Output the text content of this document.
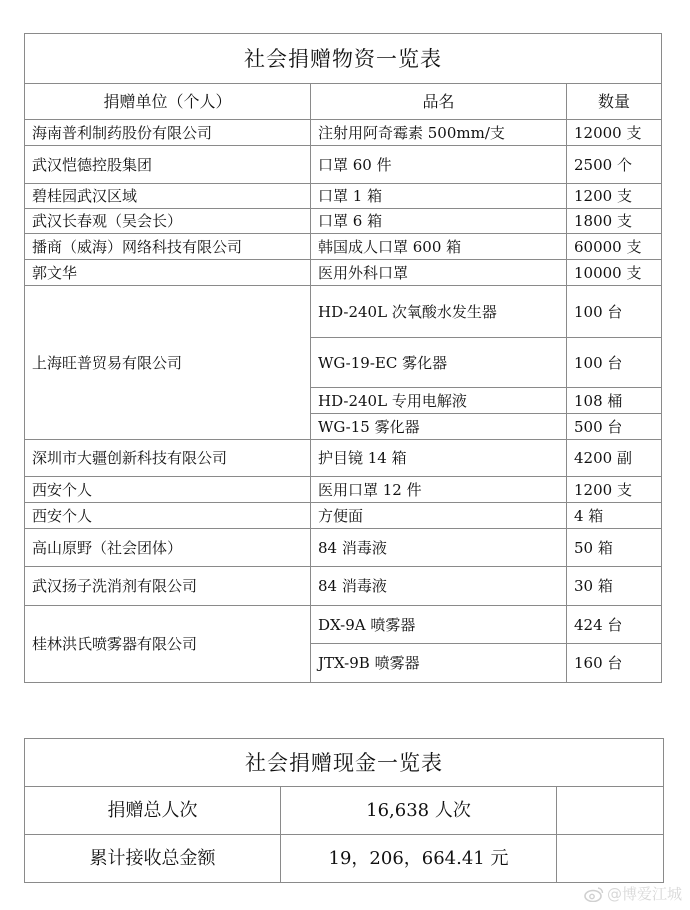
社会捐赠物资一览表		
捐赠单位（个人）	品名	数量
海南普利制药股份有限公司	注射用阿奇霉素 500mm/支	12000 支
武汉恺德控股集团	口罩 60 件	2500 个
碧桂园武汉区域	口罩 1 箱	1200 支
武汉长春观（吴会长）	口罩 6 箱	1800 支
播商（威海）网络科技有限公司	韩国成人口罩 600 箱	60000 支
郭文华	医用外科口罩	10000 支
上海旺普贸易有限公司	HD-240L 次氧酸水发生器	100 台
	WG-19-EC 雾化器	100 台
	HD-240L 专用电解液	108 桶
	WG-15 雾化器	500 台
深圳市大疆创新科技有限公司	护目镜 14 箱	4200 副
西安个人	医用口罩 12 件	1200 支
西安个人	方便面	4 箱
高山原野（社会团体）	84 消毒液	50 箱
武汉扬子洗消剂有限公司	84 消毒液	30 箱
桂林洪氏喷雾器有限公司	DX-9A 喷雾器	424 台
	JTX-9B 喷雾器	160 台
社会捐赠现金一览表		
捐赠总人次	16,638 人次	
累计接收总金额	19，206，664.41 元	
@博爱江城
